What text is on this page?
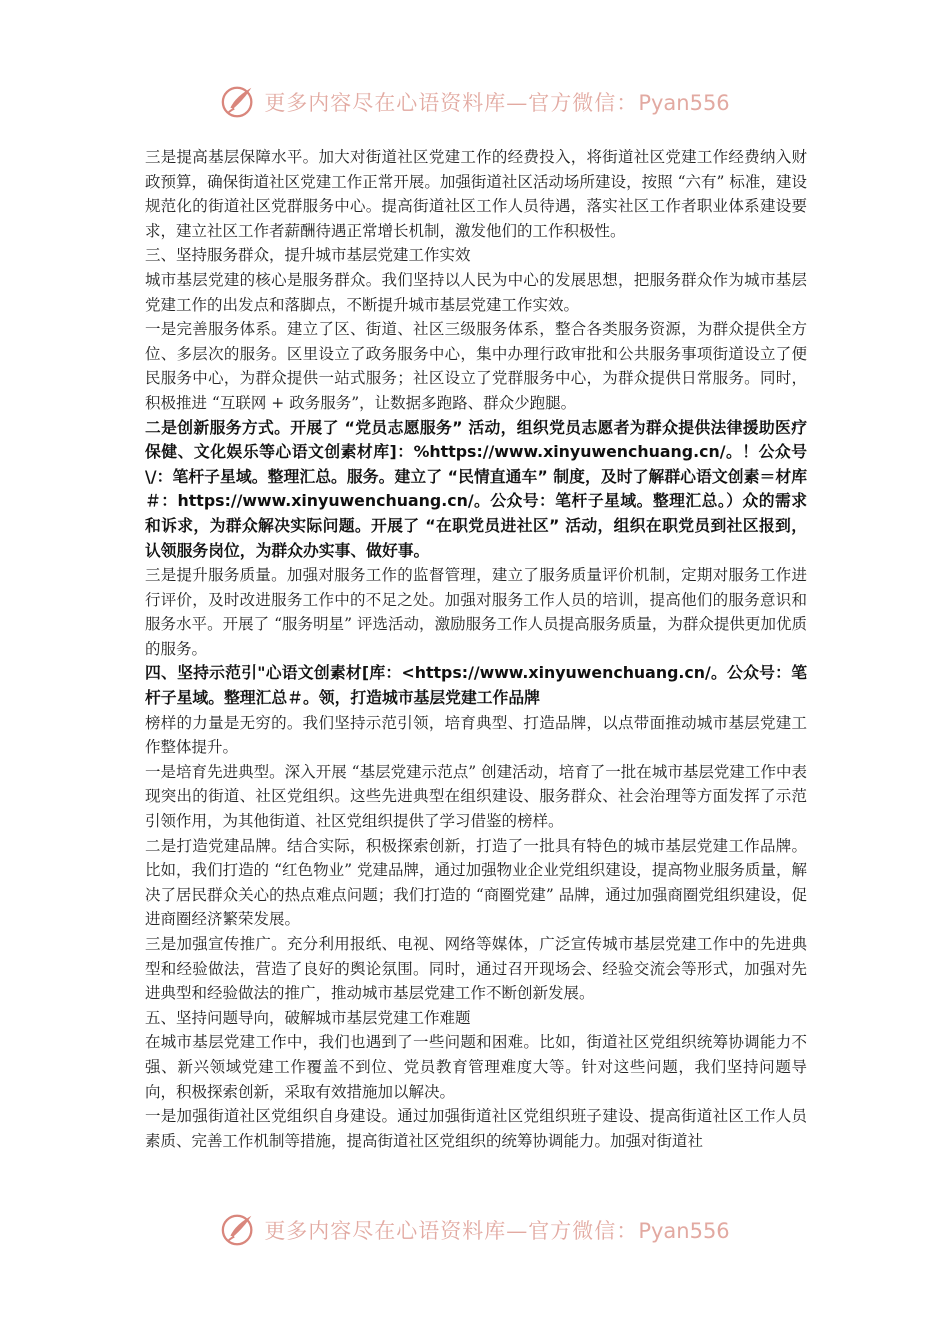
更多内容尽在心语资料库—官方微信：Pyan556

三是提高基层保障水平。加大对街道社区党建工作的经费投入，将街道社区党建工作经费纳入财政预算，确保街道社区党建工作正常开展。加强街道社区活动场所建设，按照 “六有” 标准，建设规范化的街道社区党群服务中心。提高街道社区工作人员待遇，落实社区工作者职业体系建设要求，建立社区工作者薪酬待遇正常增长机制，激发他们的工作积极性。

三、坚持服务群众，提升城市基层党建工作实效

城市基层党建的核心是服务群众。我们坚持以人民为中心的发展思想，把服务群众作为城市基层党建工作的出发点和落脚点，不断提升城市基层党建工作实效。

一是完善服务体系。建立了区、街道、社区三级服务体系，整合各类服务资源，为群众提供全方位、多层次的服务。区里设立了政务服务中心，集中办理行政审批和公共服务事项街道设立了便民服务中心，为群众提供一站式服务；社区设立了党群服务中心，为群众提供日常服务。同时，积极推进 “互联网 + 政务服务”，让数据多跑路、群众少跑腿。

二是创新服务方式。开展了 “党员志愿服务” 活动，组织党员志愿者为群众提供法律援助医疗保健、文化娱乐等心语文创素材库]：%https://www.xinyuwenchuang.cn/。！公众号\/：笔杆子星域。整理汇总。服务。建立了 “民情直通车” 制度，及时了解群心语文创素＝材库＃：https://www.xinyuwenchuang.cn/。公众号：笔杆子星域。整理汇总。）众的需求和诉求，为群众解决实际问题。开展了 “在职党员进社区” 活动，组织在职党员到社区报到，认领服务岗位，为群众办实事、做好事。

三是提升服务质量。加强对服务工作的监督管理，建立了服务质量评价机制，定期对服务工作进行评价，及时改进服务工作中的不足之处。加强对服务工作人员的培训，提高他们的服务意识和服务水平。开展了 “服务明星” 评选活动，激励服务工作人员提高服务质量，为群众提供更加优质的服务。

四、坚持示范引"心语文创素材[库：<https://www.xinyuwenchuang.cn/。公众号：笔杆子星域。整理汇总＃。领，打造城市基层党建工作品牌

榜样的力量是无穷的。我们坚持示范引领，培育典型、打造品牌，以点带面推动城市基层党建工作整体提升。

一是培育先进典型。深入开展 “基层党建示范点” 创建活动，培育了一批在城市基层党建工作中表现突出的街道、社区党组织。这些先进典型在组织建设、服务群众、社会治理等方面发挥了示范引领作用，为其他街道、社区党组织提供了学习借鉴的榜样。

二是打造党建品牌。结合实际，积极探索创新，打造了一批具有特色的城市基层党建工作品牌。比如，我们打造的 “红色物业” 党建品牌，通过加强物业企业党组织建设，提高物业服务质量，解决了居民群众关心的热点难点问题；我们打造的 “商圈党建” 品牌，通过加强商圈党组织建设，促进商圈经济繁荣发展。

三是加强宣传推广。充分利用报纸、电视、网络等媒体，广泛宣传城市基层党建工作中的先进典型和经验做法，营造了良好的舆论氛围。同时，通过召开现场会、经验交流会等形式，加强对先进典型和经验做法的推广，推动城市基层党建工作不断创新发展。

五、坚持问题导向，破解城市基层党建工作难题

在城市基层党建工作中，我们也遇到了一些问题和困难。比如，街道社区党组织统筹协调能力不强、新兴领域党建工作覆盖不到位、党员教育管理难度大等。针对这些问题，我们坚持问题导向，积极探索创新，采取有效措施加以解决。

一是加强街道社区党组织自身建设。通过加强街道社区党组织班子建设、提高街道社区工作人员素质、完善工作机制等措施，提高街道社区党组织的统筹协调能力。加强对街道社

更多内容尽在心语资料库—官方微信：Pyan556
